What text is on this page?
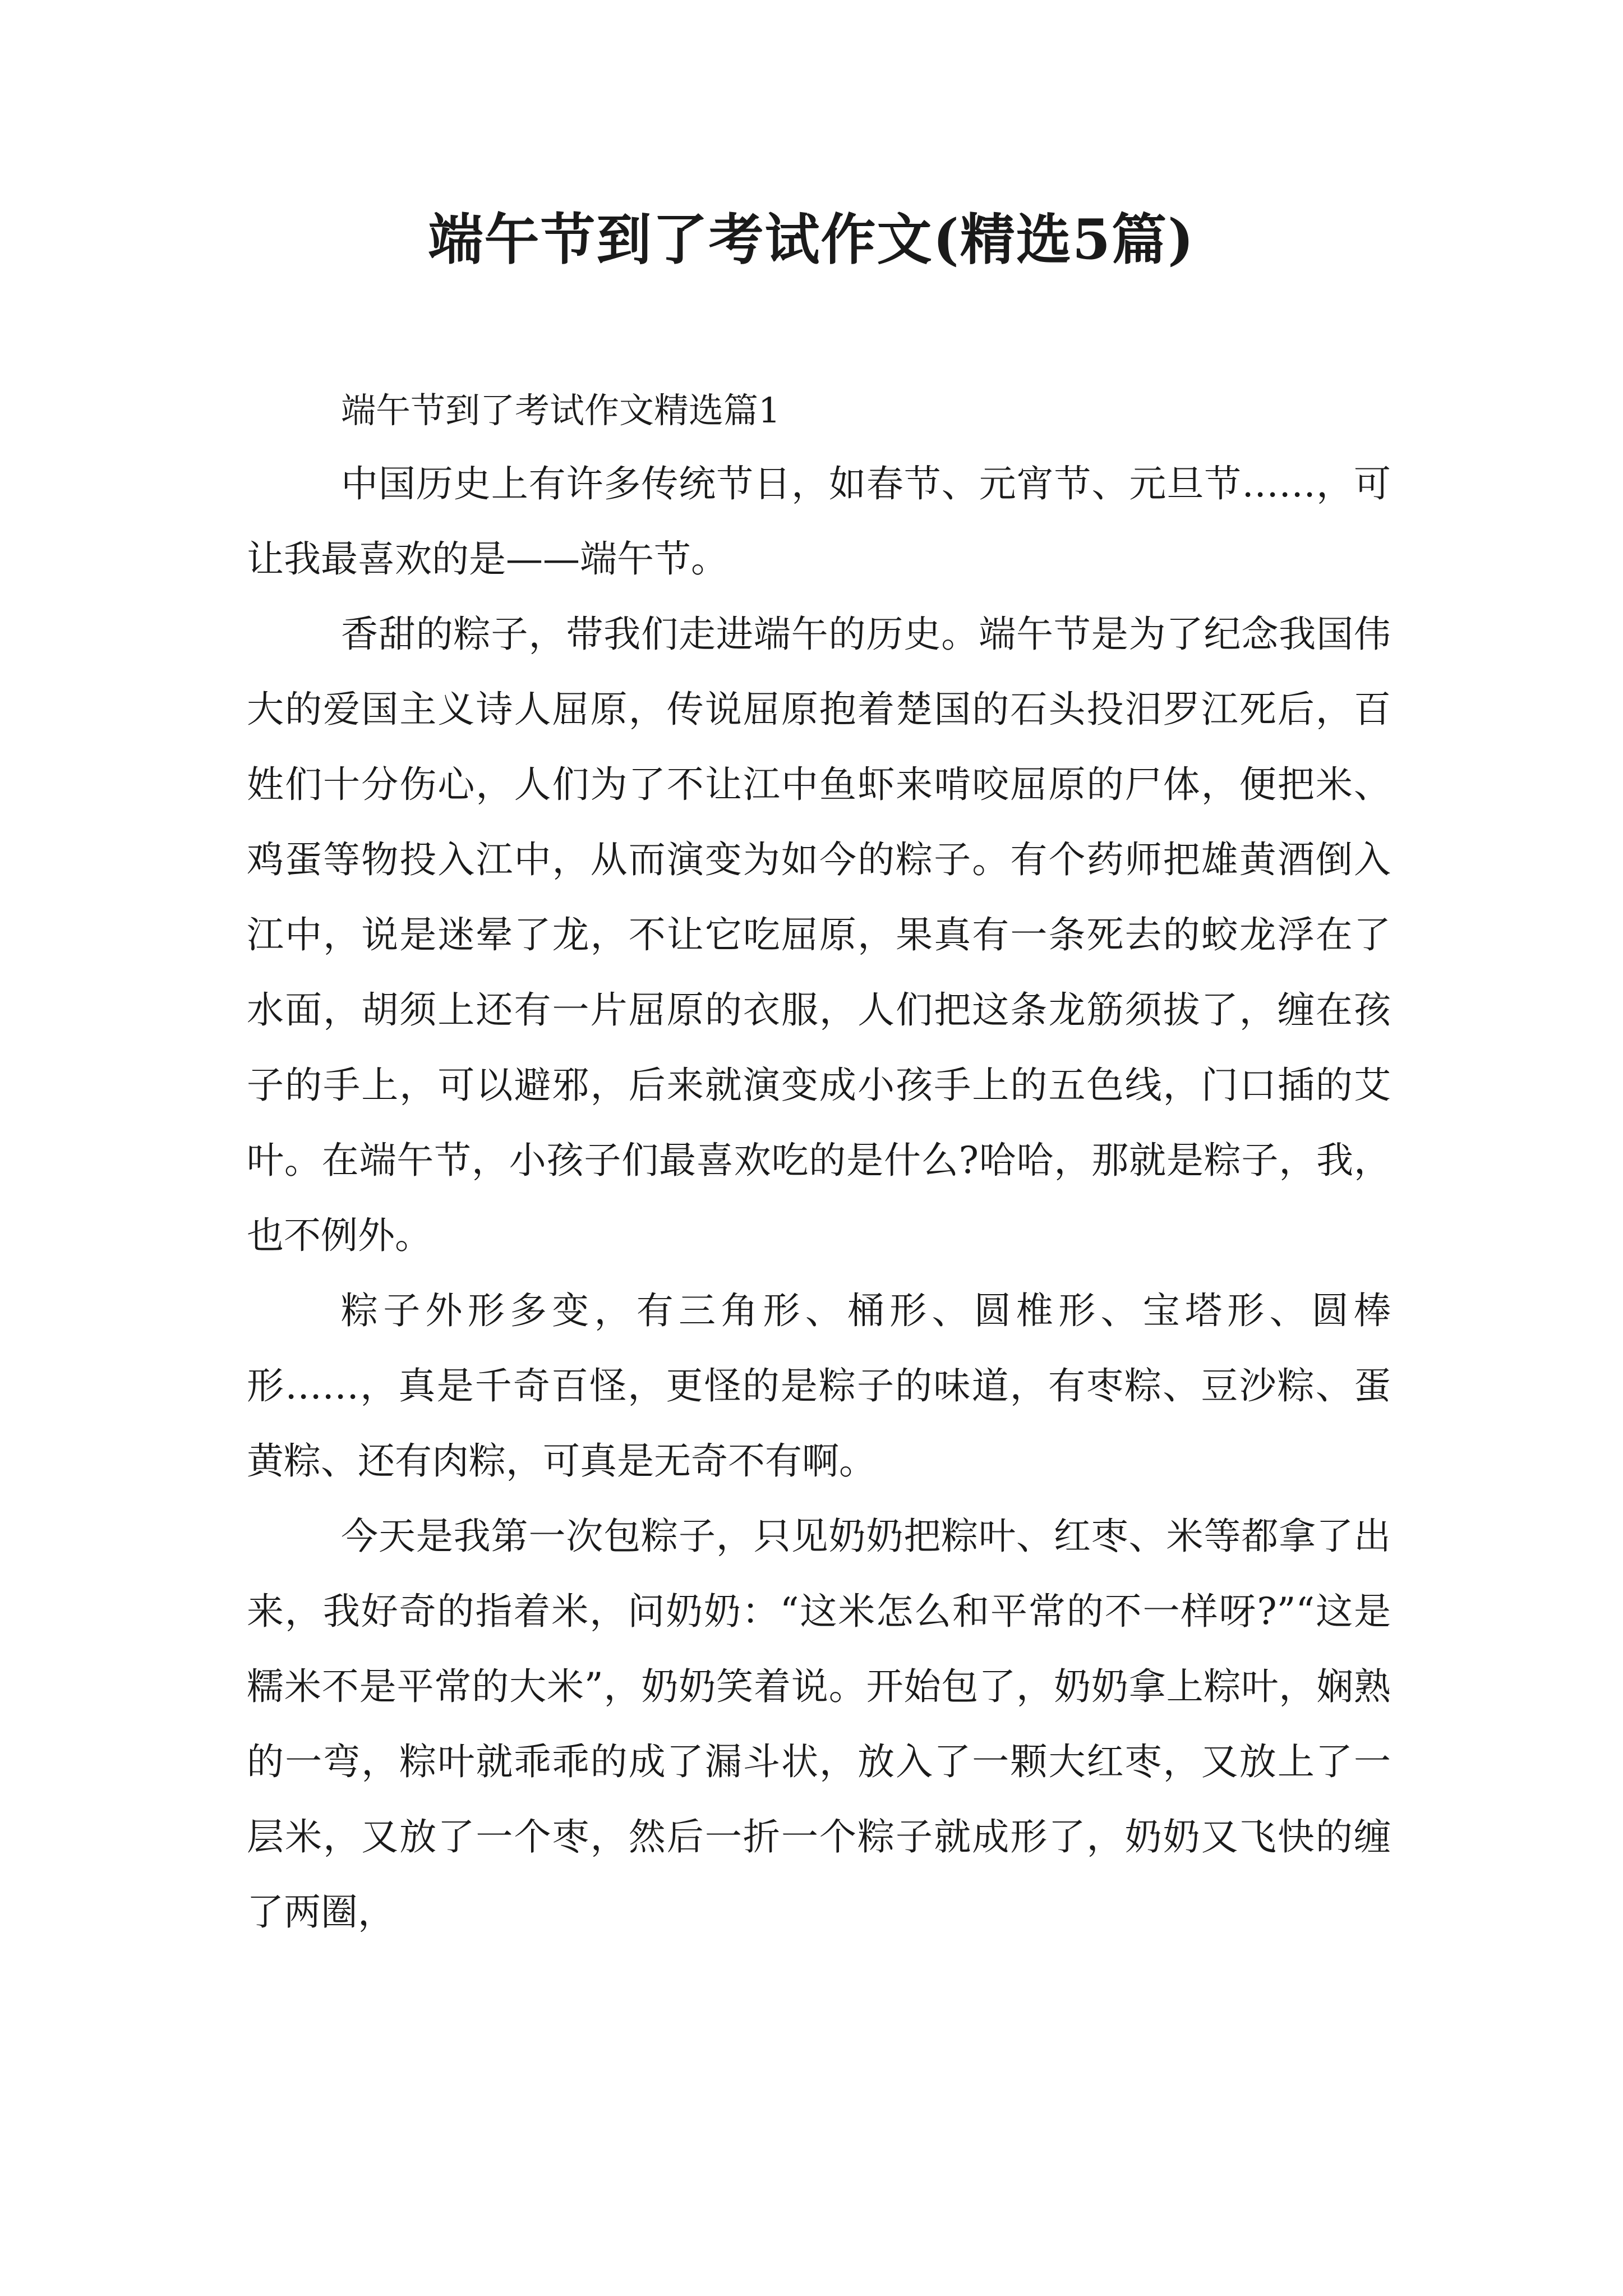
端午节到了考试作文(精选5篇)

端午节到了考试作文精选篇1

中国历史上有许多传统节日，如春节、元宵节、元旦节……，可让我最喜欢的是——端午节。

香甜的粽子，带我们走进端午的历史。端午节是为了纪念我国伟大的爱国主义诗人屈原，传说屈原抱着楚国的石头投汨罗江死后，百姓们十分伤心，人们为了不让江中鱼虾来啃咬屈原的尸体，便把米、鸡蛋等物投入江中，从而演变为如今的粽子。有个药师把雄黄酒倒入江中，说是迷晕了龙，不让它吃屈原，果真有一条死去的蛟龙浮在了水面，胡须上还有一片屈原的衣服，人们把这条龙筋须拔了，缠在孩子的手上，可以避邪，后来就演变成小孩手上的五色线，门口插的艾叶。在端午节，小孩子们最喜欢吃的是什么?哈哈，那就是粽子，我，也不例外。

粽子外形多变，有三角形、桶形、圆椎形、宝塔形、圆棒形……，真是千奇百怪，更怪的是粽子的味道，有枣粽、豆沙粽、蛋黄粽、还有肉粽，可真是无奇不有啊。

今天是我第一次包粽子，只见奶奶把粽叶、红枣、米等都拿了出来，我好奇的指着米，问奶奶：“这米怎么和平常的不一样呀?”“这是糯米不是平常的大米”，奶奶笑着说。开始包了，奶奶拿上粽叶，娴熟的一弯，粽叶就乖乖的成了漏斗状，放入了一颗大红枣，又放上了一层米，又放了一个枣，然后一折一个粽子就成形了，奶奶又飞快的缠了两圈，
